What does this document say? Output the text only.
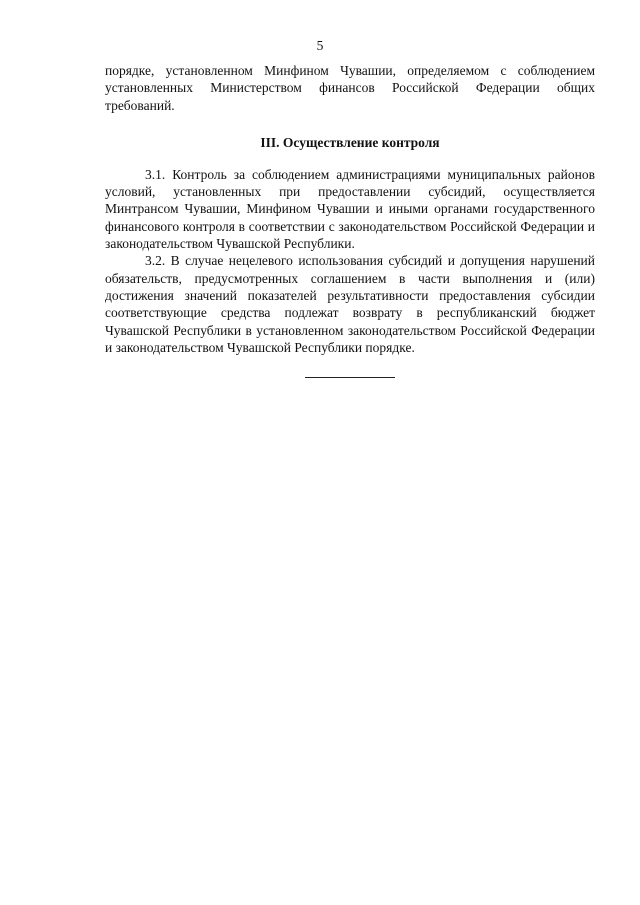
5

порядке, установленном Минфином Чувашии, определяемом с соблюдением установленных Министерством финансов Российской Федерации общих требований.

III. Осуществление контроля

3.1. Контроль за соблюдением администрациями муниципальных районов условий, установленных при предоставлении субсидий, осуществляется Минтрансом Чувашии, Минфином Чувашии и иными органами государственного финансового контроля в соответствии с законодательством Российской Федерации и законодательством Чувашской Республики.

3.2. В случае нецелевого использования субсидий и допущения нарушений обязательств, предусмотренных соглашением в части выполнения и (или) достижения значений показателей результативности предоставления субсидии соответствующие средства подлежат возврату в республиканский бюджет Чувашской Республики в установленном законодательством Российской Федерации и законодательством Чувашской Республики порядке.
